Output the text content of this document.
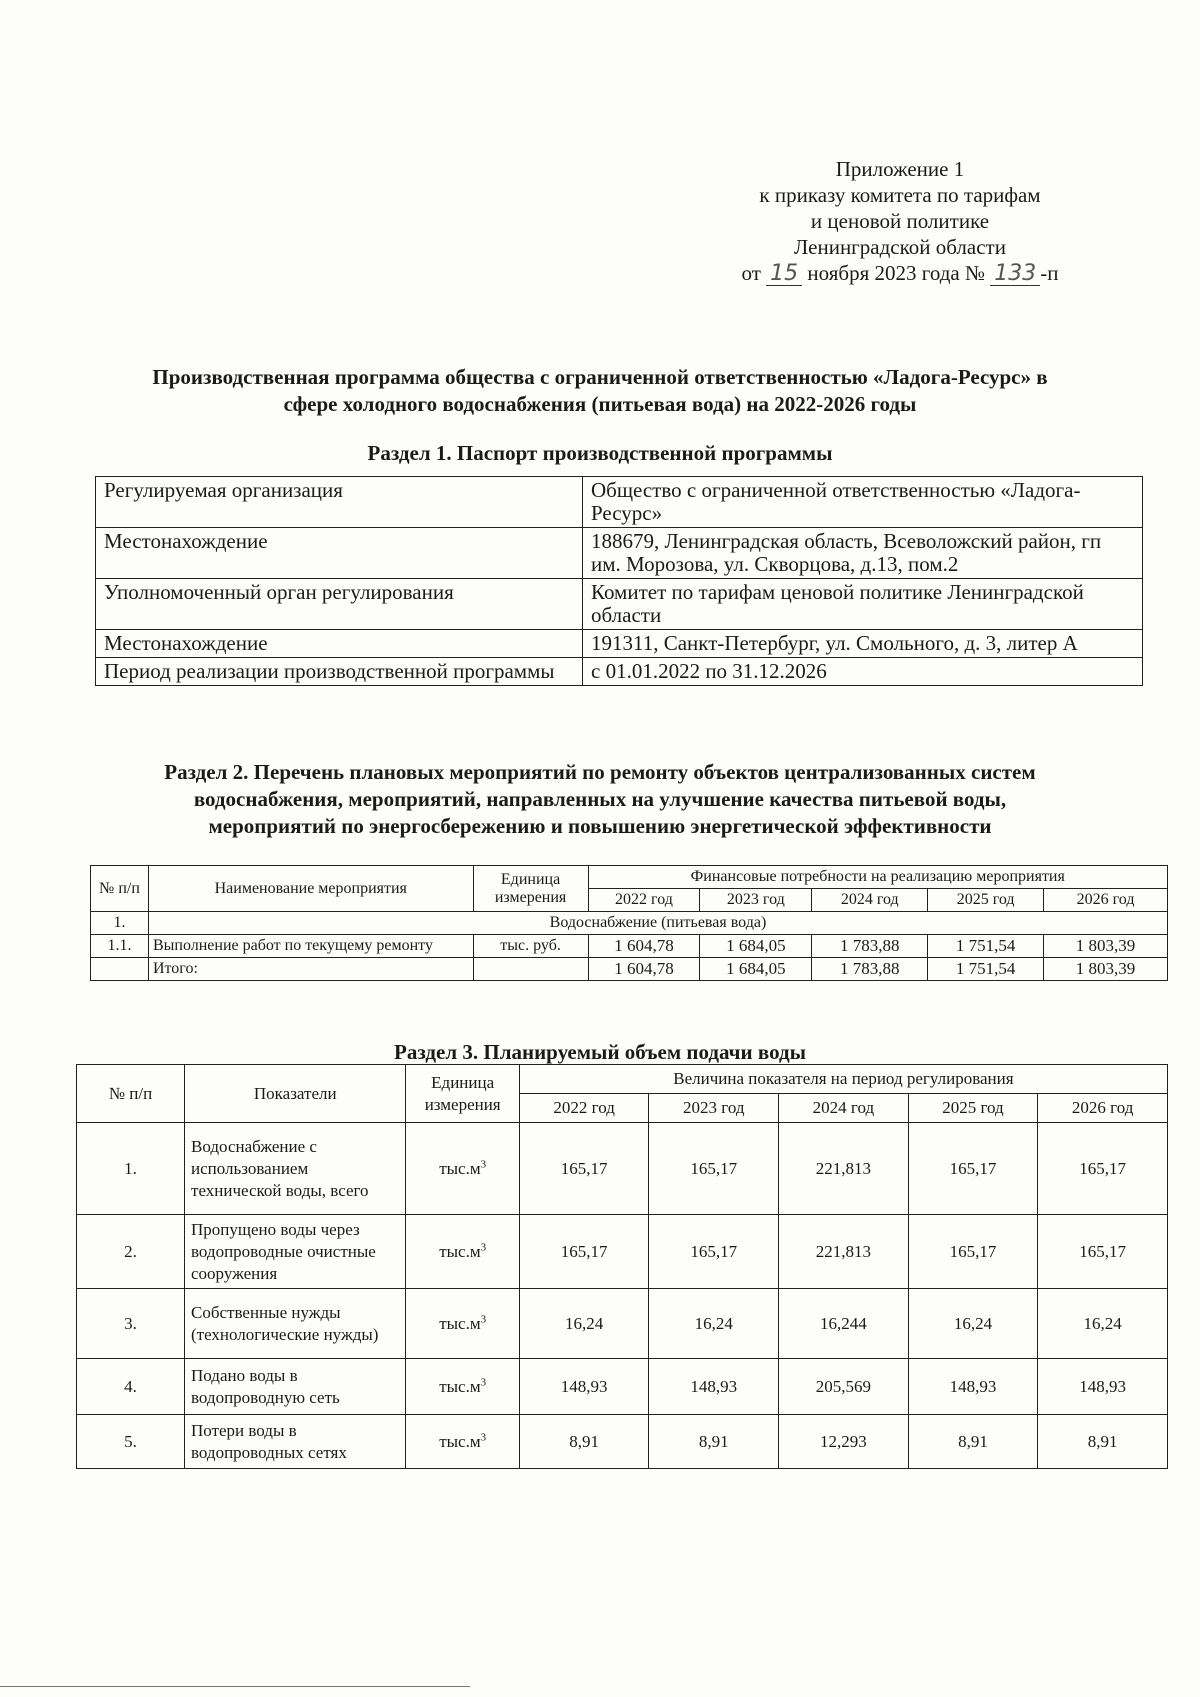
Приложение 1
к приказу комитета по тарифам
и ценовой политике
Ленинградской области
от 15 ноября 2023 года № 133 -п
Производственная программа общества с ограниченной ответственностью «Ладога-Ресурс» в
сфере холодного водоснабжения (питьевая вода) на 2022-2026 годы
Раздел 1. Паспорт производственной программы
Регулируемая организация	Общество с ограниченной ответственностью «Ладога-Ресурс»
Местонахождение	188679, Ленинградская область, Всеволожский район, гп им. Морозова, ул. Скворцова, д.13, пом.2
Уполномоченный орган регулирования	Комитет по тарифам ценовой политике Ленинградской области
Местонахождение	191311, Санкт-Петербург, ул. Смольного, д. 3, литер А
Период реализации производственной программы	с 01.01.2022 по 31.12.2026
Раздел 2. Перечень плановых мероприятий по ремонту объектов централизованных систем
водоснабжения, мероприятий, направленных на улучшение качества питьевой воды,
мероприятий по энергосбережению и повышению энергетической эффективности
№ п/п	Наименование мероприятия	Единица измерения	Финансовые потребности на реализацию мероприятия				
			2022 год	2023 год	2024 год	2025 год	2026 год
1.	Водоснабжение (питьевая вода)						
1.1.	Выполнение работ по текущему ремонту	тыс. руб.	1 604,78	1 684,05	1 783,88	1 751,54	1 803,39
	Итого:		1 604,78	1 684,05	1 783,88	1 751,54	1 803,39
Раздел 3. Планируемый объем подачи воды
№ п/п	Показатели	Единица измерения	Величина показателя на период регулирования				
			2022 год	2023 год	2024 год	2025 год	2026 год
1.	Водоснабжение с использованием технической воды, всего	$тыс.м^3$	165,17	165,17	221,813	165,17	165,17
2.	Пропущено воды через водопроводные очистные сооружения	$тыс.м^3$	165,17	165,17	221,813	165,17	165,17
3.	Собственные нужды (технологические нужды)	$тыс.м^3$	16,24	16,24	16,244	16,24	16,24
4.	Подано воды в водопроводную сеть	$тыс.м^3$	148,93	148,93	205,569	148,93	148,93
5.	Потери воды в водопроводных сетях	$тыс.м^3$	8,91	8,91	12,293	8,91	8,91
